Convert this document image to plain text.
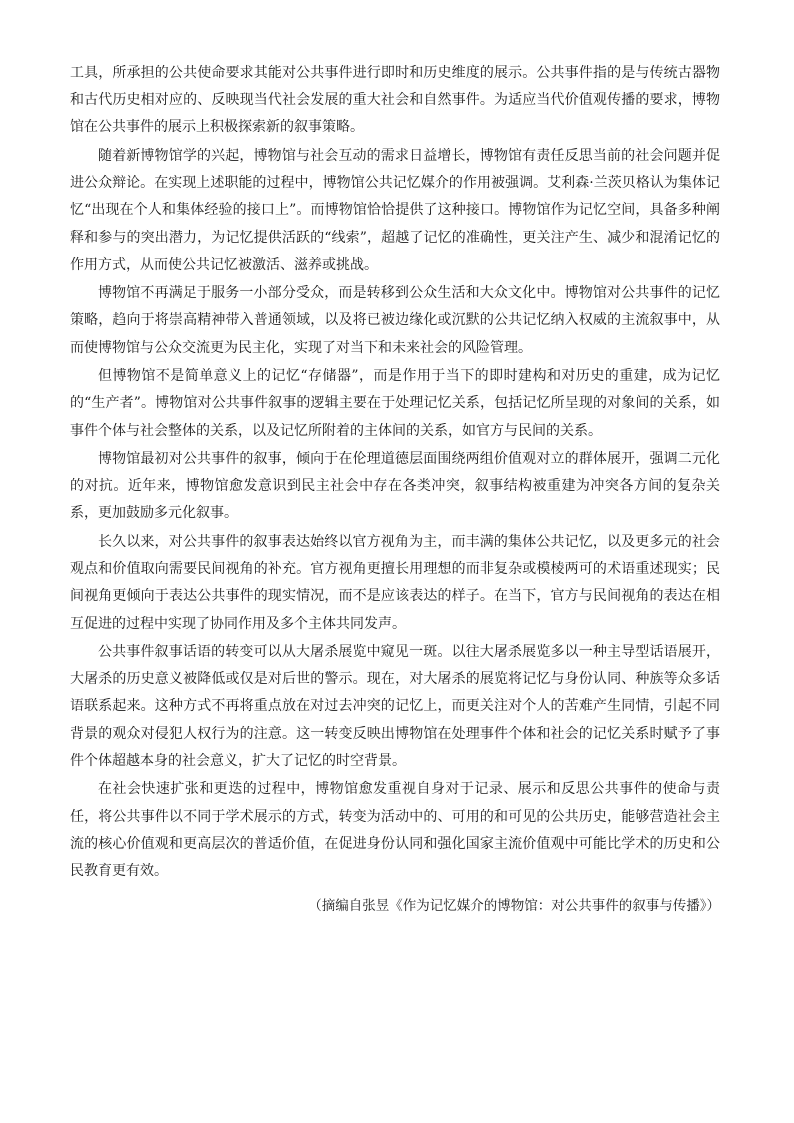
工具，所承担的公共使命要求其能对公共事件进行即时和历史维度的展示。公共事件指的是与传统古器物和古代历史相对应的、反映现当代社会发展的重大社会和自然事件。为适应当代价值观传播的要求，博物馆在公共事件的展示上积极探索新的叙事策略。

随着新博物馆学的兴起，博物馆与社会互动的需求日益增长，博物馆有责任反思当前的社会问题并促进公众辩论。在实现上述职能的过程中，博物馆公共记忆媒介的作用被强调。艾利森·兰茨贝格认为集体记忆“出现在个人和集体经验的接口上”。而博物馆恰恰提供了这种接口。博物馆作为记忆空间，具备多种阐释和参与的突出潜力，为记忆提供活跃的“线索”，超越了记忆的准确性，更关注产生、减少和混淆记忆的作用方式，从而使公共记忆被激活、滋养或挑战。

博物馆不再满足于服务一小部分受众，而是转移到公众生活和大众文化中。博物馆对公共事件的记忆策略，趋向于将崇高精神带入普通领域，以及将已被边缘化或沉默的公共记忆纳入权威的主流叙事中，从而使博物馆与公众交流更为民主化，实现了对当下和未来社会的风险管理。

但博物馆不是简单意义上的记忆“存储器”，而是作用于当下的即时建构和对历史的重建，成为记忆的“生产者”。博物馆对公共事件叙事的逻辑主要在于处理记忆关系，包括记忆所呈现的对象间的关系，如事件个体与社会整体的关系，以及记忆所附着的主体间的关系，如官方与民间的关系。

博物馆最初对公共事件的叙事，倾向于在伦理道德层面围绕两组价值观对立的群体展开，强调二元化的对抗。近年来，博物馆愈发意识到民主社会中存在各类冲突，叙事结构被重建为冲突各方间的复杂关系，更加鼓励多元化叙事。

长久以来，对公共事件的叙事表达始终以官方视角为主，而丰满的集体公共记忆，以及更多元的社会观点和价值取向需要民间视角的补充。官方视角更擅长用理想的而非复杂或模棱两可的术语重述现实；民间视角更倾向于表达公共事件的现实情况，而不是应该表达的样子。在当下，官方与民间视角的表达在相互促进的过程中实现了协同作用及多个主体共同发声。

公共事件叙事话语的转变可以从大屠杀展览中窥见一斑。以往大屠杀展览多以一种主导型话语展开，大屠杀的历史意义被降低或仅是对后世的警示。现在，对大屠杀的展览将记忆与身份认同、种族等众多话语联系起来。这种方式不再将重点放在对过去冲突的记忆上，而更关注对个人的苦难产生同情，引起不同背景的观众对侵犯人权行为的注意。这一转变反映出博物馆在处理事件个体和社会的记忆关系时赋予了事件个体超越本身的社会意义，扩大了记忆的时空背景。

在社会快速扩张和更迭的过程中，博物馆愈发重视自身对于记录、展示和反思公共事件的使命与责任，将公共事件以不同于学术展示的方式，转变为活动中的、可用的和可见的公共历史，能够营造社会主流的核心价值观和更高层次的普适价值，在促进身份认同和强化国家主流价值观中可能比学术的历史和公民教育更有效。

（摘编自张昱《作为记忆媒介的博物馆：对公共事件的叙事与传播》）
